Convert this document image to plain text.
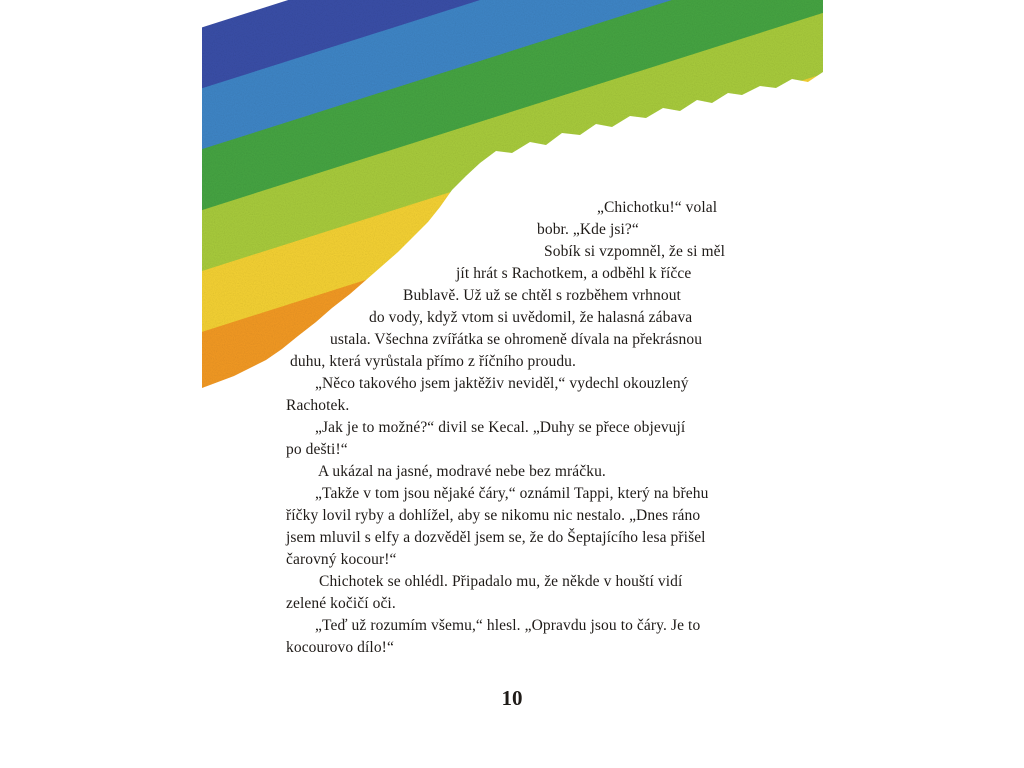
„Chichotku!“ volal
bobr. „Kde jsi?“
Sobík si vzpomněl, že si měl
jít hrát s Rachotkem, a odběhl k říčce
Bublavě. Už už se chtěl s rozběhem vrhnout
do vody, když vtom si uvědomil, že halasná zábava
ustala. Všechna zvířátka se ohromeně dívala na překrásnou
duhu, která vyrůstala přímo z říčního proudu.
„Něco takového jsem jaktěživ neviděl,“ vydechl okouzlený
Rachotek.
„Jak je to možné?“ divil se Kecal. „Duhy se přece objevují
po dešti!“
A ukázal na jasné, modravé nebe bez mráčku.
„Takže v tom jsou nějaké čáry,“ oznámil Tappi, který na břehu
říčky lovil ryby a dohlížel, aby se nikomu nic nestalo. „Dnes ráno
jsem mluvil s elfy a dozvěděl jsem se, že do Šeptajícího lesa přišel
čarovný kocour!“
Chichotek se ohlédl. Připadalo mu, že někde v houští vidí
zelené kočičí oči.
„Teď už rozumím všemu,“ hlesl. „Opravdu jsou to čáry. Je to
kocourovo dílo!“
10
